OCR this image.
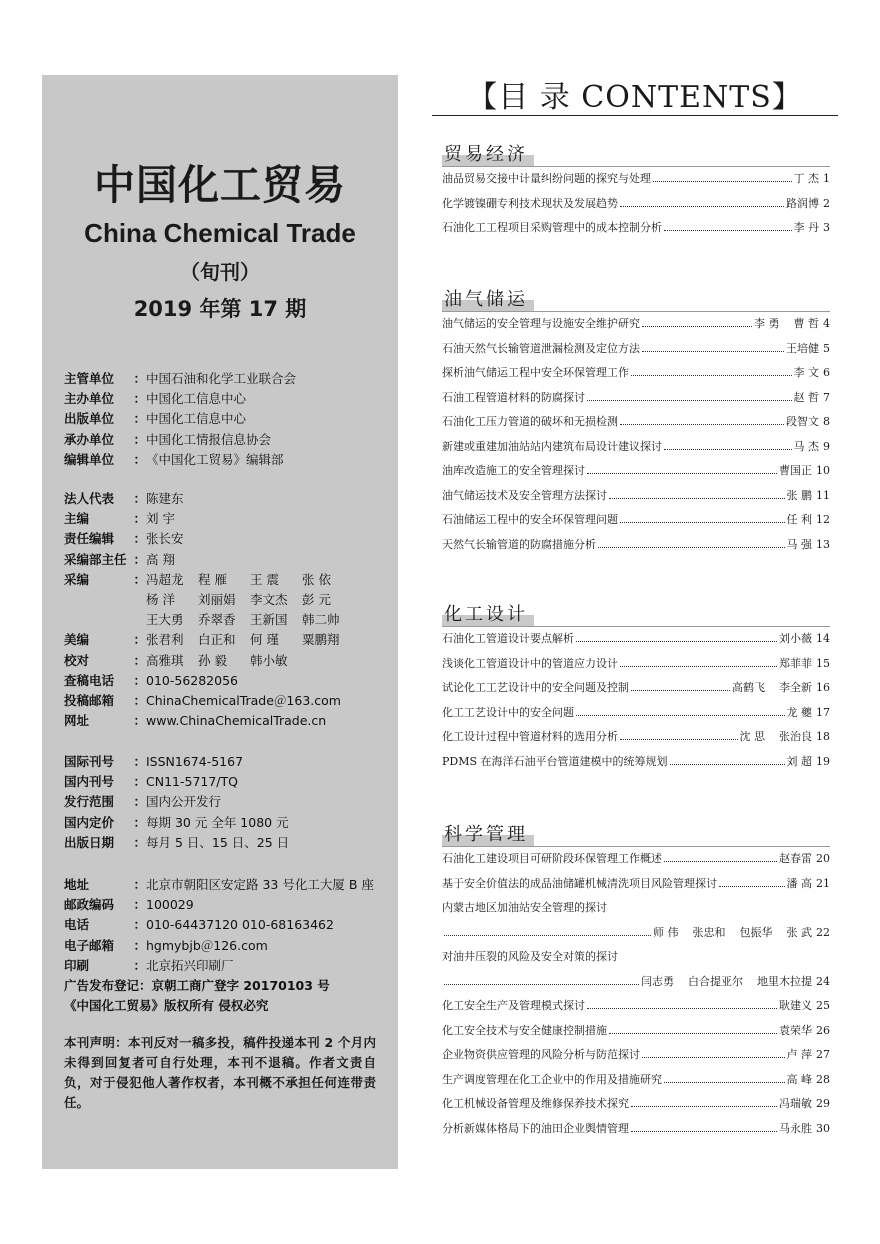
中国化工贸易
China Chemical Trade
（旬刊）
2019 年第 17 期
主管单位	： 中国石油和化学工业联合会
主办单位	： 中国化工信息中心
出版单位	： 中国化工信息中心
承办单位	： 中国化工情报信息协会
编辑单位	： 《中国化工贸易》编辑部
法人代表	： 陈建东
主编	： 刘 宇
责任编辑	： 张长安
采编部主任 ： 高 翔
采编	： 冯超龙	程 雁	王 震	张 依
杨 洋	刘丽娟	李文杰	彭 元
王大勇	乔翠香	王新国	韩二帅
美编	： 张君利	白正和	何 瑾	粟鹏翔
校对	： 高雅琪	孙 毅	韩小敏
查稿电话	： 010-56282056
投稿邮箱	： ChinaChemicalTrade＠163.com
网址	： www.ChinaChemicalTrade.cn
国际刊号	： ISSN1674-5167
国内刊号	： CN11-5717/TQ
发行范围	： 国内公开发行
国内定价	： 每期 30 元 全年 1080 元
出版日期	： 每月 5 日、15 日、25 日
地址	： 北京市朝阳区安定路 33 号化工大厦 B 座
邮政编码	： 100029
电话	： 010-64437120 010-68163462
电子邮箱	： hgmybjb＠126.com
印刷	： 北京拓兴印刷厂
广告发布登记：京朝工商广登字 20170103 号
《中国化工贸易》版权所有 侵权必究
本刊声明：本刊反对一稿多投，稿件投递本刊 2 个月内未得到回复者可自行处理，本刊不退稿。作者文责自负，对于侵犯他人著作权者，本刊概不承担任何连带责任。
【目 录 CONTENTS】
贸易经济
油品贸易交接中计量纠纷问题的探究与处理	丁 杰 1
化学镀镍硼专利技术现状及发展趋势	路润博 2
石油化工工程项目采购管理中的成本控制分析	李 丹 3
油气储运
油气储运的安全管理与设施安全维护研究	李 勇 曹 哲 4
石油天然气长输管道泄漏检测及定位方法	王培健 5
探析油气储运工程中安全环保管理工作	李 文 6
石油工程管道材料的防腐探讨	赵 哲 7
石油化工压力管道的破坏和无损检测	段智文 8
新建或重建加油站站内建筑布局设计建议探讨	马 杰 9
油库改造施工的安全管理探讨	曹国正 10
油气储运技术及安全管理方法探讨	张 鹏 11
石油储运工程中的安全环保管理问题	任 利 12
天然气长输管道的防腐措施分析	马 强 13
化工设计
石油化工管道设计要点解析	刘小薇 14
浅谈化工管道设计中的管道应力设计	郑菲菲 15
试论化工工艺设计中的安全问题及控制	高鹤飞 李全新 16
化工工艺设计中的安全问题	龙 夔 17
化工设计过程中管道材料的选用分析	沈 思 张治良 18
PDMS 在海洋石油平台管道建模中的统筹规划	刘 超 19
科学管理
石油化工建设项目可研阶段环保管理工作概述	赵春雷 20
基于安全价值法的成品油储罐机械清洗项目风险管理探讨	潘 高 21
内蒙古地区加油站安全管理的探讨
师 伟 张忠和 包振华 张 武 22
对油井压裂的风险及安全对策的探讨
闫志勇 白合提亚尔 地里木拉提 24
化工安全生产及管理模式探讨	耿建义 25
化工安全技术与安全健康控制措施	袁荣华 26
企业物资供应管理的风险分析与防范探讨	卢 萍 27
生产调度管理在化工企业中的作用及措施研究	高 峰 28
化工机械设备管理及维修保养技术探究	冯瑞敏 29
分析新媒体格局下的油田企业舆情管理	马永胜 30
